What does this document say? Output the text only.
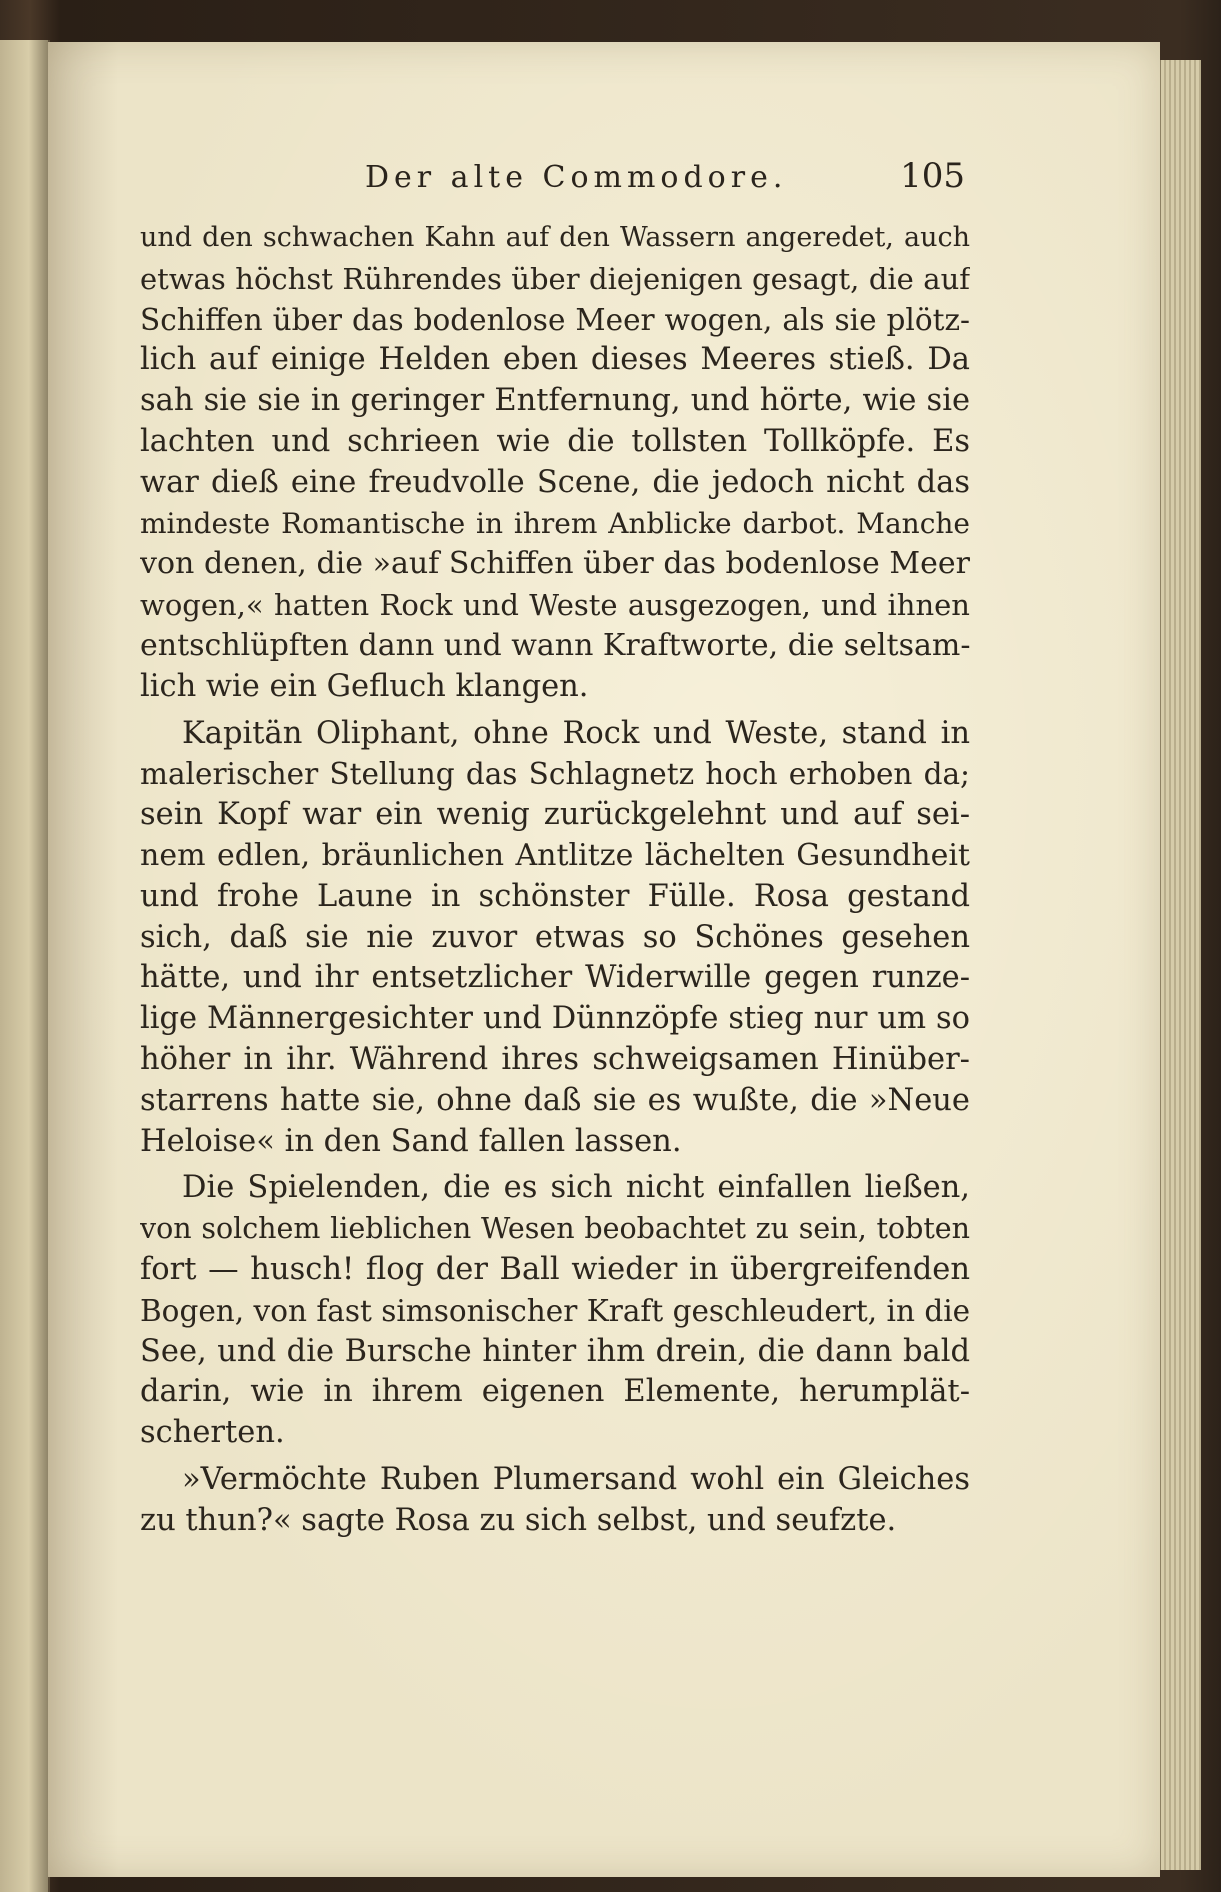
Der alte Commodore.	105
und den schwachen Kahn auf den Wassern angeredet, auch
etwas höchst Rührendes über diejenigen gesagt, die auf
Schiffen über das bodenlose Meer wogen, als sie plötz-
lich auf einige Helden eben dieses Meeres stieß. Da
sah sie sie in geringer Entfernung, und hörte, wie sie
lachten und schrieen wie die tollsten Tollköpfe. Es
war dieß eine freudvolle Scene, die jedoch nicht das
mindeste Romantische in ihrem Anblicke darbot. Manche
von denen, die »auf Schiffen über das bodenlose Meer
wogen,« hatten Rock und Weste ausgezogen, und ihnen
entschlüpften dann und wann Kraftworte, die seltsam-
lich wie ein Gefluch klangen.
Kapitän Oliphant, ohne Rock und Weste, stand in
malerischer Stellung das Schlagnetz hoch erhoben da;
sein Kopf war ein wenig zurückgelehnt und auf sei-
nem edlen, bräunlichen Antlitze lächelten Gesundheit
und frohe Laune in schönster Fülle. Rosa gestand
sich, daß sie nie zuvor etwas so Schönes gesehen
hätte, und ihr entsetzlicher Widerwille gegen runze-
lige Männergesichter und Dünnzöpfe stieg nur um so
höher in ihr. Während ihres schweigsamen Hinüber-
starrens hatte sie, ohne daß sie es wußte, die »Neue
Heloise« in den Sand fallen lassen.
Die Spielenden, die es sich nicht einfallen ließen,
von solchem lieblichen Wesen beobachtet zu sein, tobten
fort — husch! flog der Ball wieder in übergreifenden
Bogen, von fast simsonischer Kraft geschleudert, in die
See, und die Bursche hinter ihm drein, die dann bald
darin, wie in ihrem eigenen Elemente, herumplät-
scherten.
»Vermöchte Ruben Plumersand wohl ein Gleiches
zu thun?« sagte Rosa zu sich selbst, und seufzte.
